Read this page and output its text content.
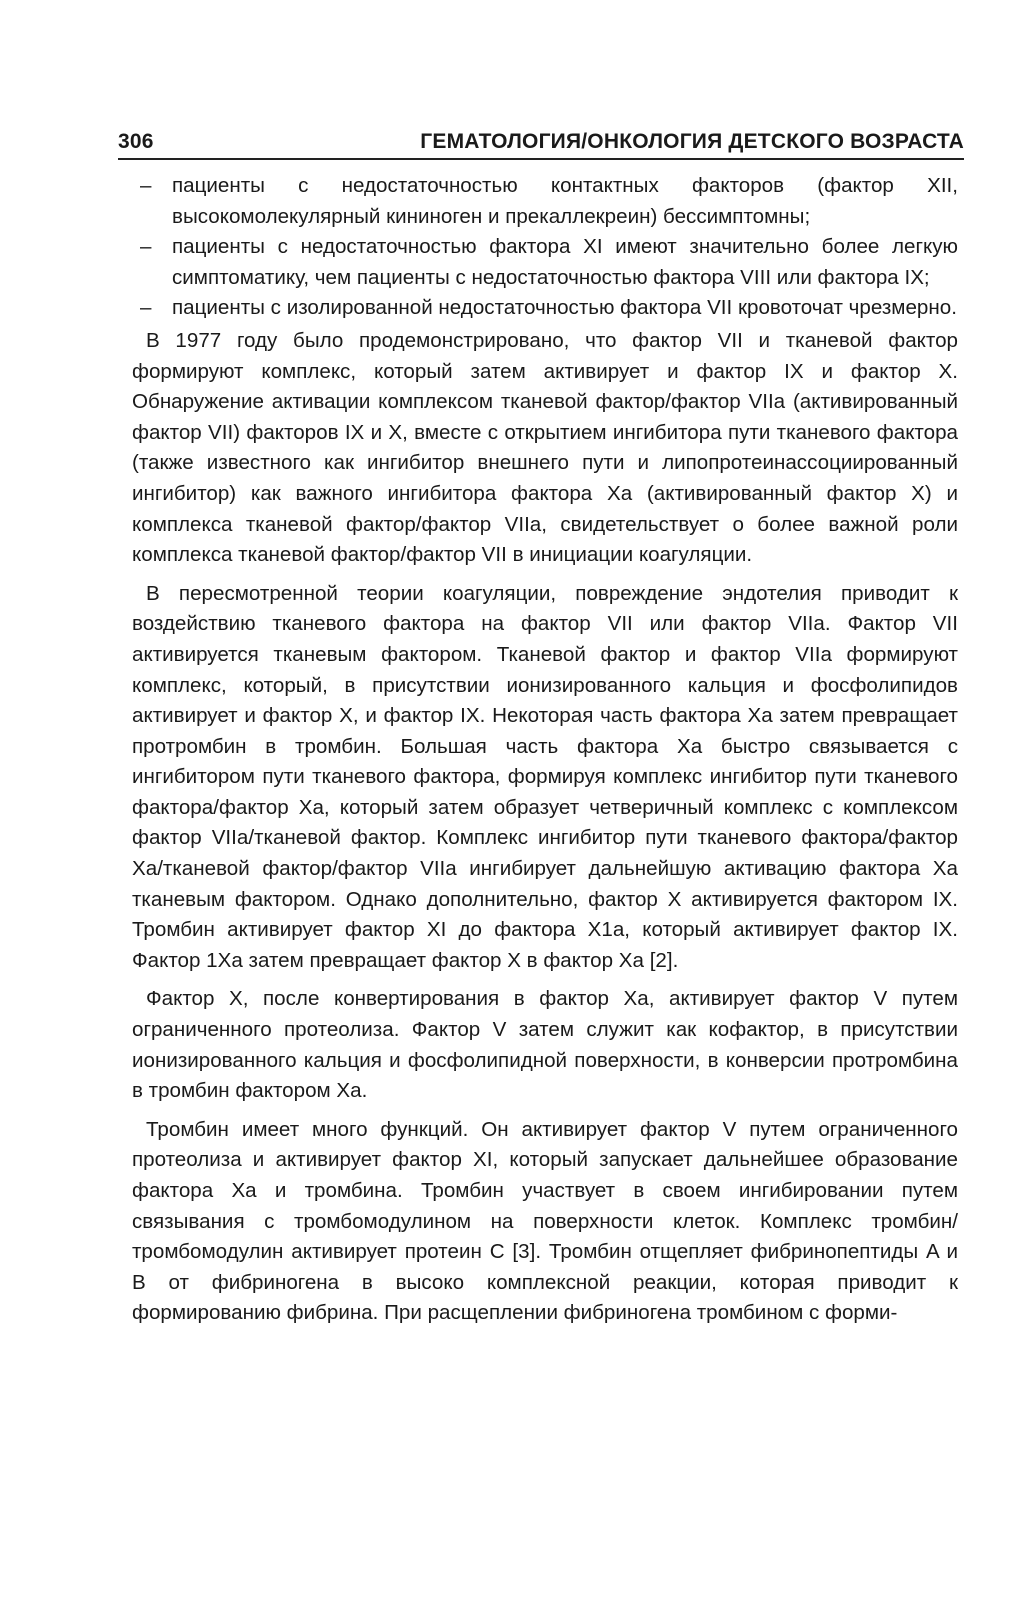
306	ГЕМАТОЛОГИЯ/ОНКОЛОГИЯ ДЕТСКОГО ВОЗРАСТА
– пациенты с недостаточностью контактных факторов (фактор XII, высокомолекулярный кининоген и прекаллекреин) бессимптомны;
– пациенты с недостаточностью фактора XI имеют значительно более легкую симптоматику, чем пациенты с недостаточностью фактора VIII или фактора IX;
– пациенты с изолированной недостаточностью фактора VII кровоточат чрезмерно.

В 1977 году было продемонстрировано, что фактор VII и тканевой фактор формируют комплекс, который затем активирует и фактор IX и фактор X. Обнаружение активации комплексом тканевой фактор/фактор VIIa (активированный фактор VII) факторов IX и X, вместе с открытием ингибитора пути тканевого фактора (также известного как ингибитор внешнего пути и липопротеинассоциированный ингибитор) как важного ингибитора фактора Xa (активированный фактор X) и комплекса тканевой фактор/фактор VIIa, свидетельствует о более важной роли комплекса тканевой фактор/фактор VII в инициации коагуляции.

В пересмотренной теории коагуляции, повреждение эндотелия приводит к воздействию тканевого фактора на фактор VII или фактор VIIa. Фактор VII активируется тканевым фактором. Тканевой фактор и фактор VIIa формируют комплекс, который, в присутствии ионизированного кальция и фосфолипидов активирует и фактор X, и фактор IX. Некоторая часть фактора Xa затем превращает протромбин в тромбин. Большая часть фактора Xa быстро связывается с ингибитором пути тканевого фактора, формируя комплекс ингибитор пути тканевого фактора/фактор Xa, который затем образует четверичный комплекс с комплексом фактор VIIa/тканевой фактор. Комплекс ингибитор пути тканевого фактора/фактор Xa/тканевой фактор/фактор VIIa ингибирует дальнейшую активацию фактора Xa тканевым фактором. Однако дополнительно, фактор X активируется фактором IX. Тромбин активирует фактор XI до фактора X1a, который активирует фактор IX. Фактор 1Xa затем превращает фактор X в фактор Xa [2].

Фактор X, после конвертирования в фактор Xa, активирует фактор V путем ограниченного протеолиза. Фактор V затем служит как кофактор, в присутствии ионизированного кальция и фосфолипидной поверхности, в конверсии протромбина в тромбин фактором Xa.

Тромбин имеет много функций. Он активирует фактор V путем ограниченного протеолиза и активирует фактор XI, который запускает дальнейшее образование фактора Xa и тромбина. Тромбин участвует в своем ингибировании путем связывания с тромбомодулином на поверхности клеток. Комплекс тромбин/тромбомодулин активирует протеин C [3]. Тромбин отщепляет фибринопептиды A и B от фибриногена в высоко комплексной реакции, которая приводит к формированию фибрина. При расщеплении фибриногена тромбином с форми-
